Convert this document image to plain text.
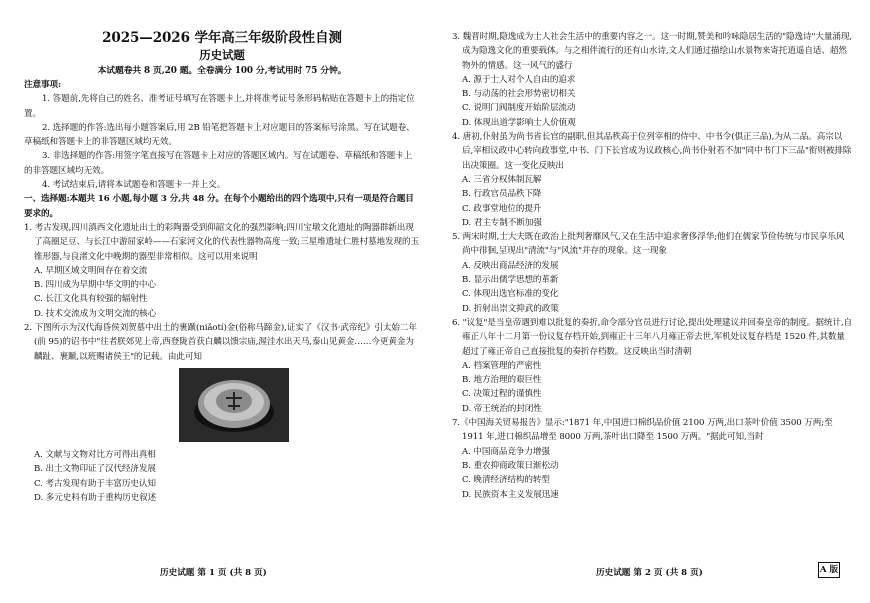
2025—2026 学年高三年级阶段性自测
历史试题
本试题卷共 8 页,20 题。全卷满分 100 分,考试用时 75 分钟。
注意事项:

1. 答题前,先将自己的姓名、准考证号填写在答题卡上,并将准考证号条形码粘贴在答题卡上的指定位置。

2. 选择题的作答:选出每小题答案后,用 2B 铅笔把答题卡上对应题目的答案标号涂黑。写在试题卷、草稿纸和答题卡上的非答题区域均无效。

3. 非选择题的作答:用签字笔直接写在答题卡上对应的答题区域内。写在试题卷、草稿纸和答题卡上的非答题区域均无效。

4. 考试结束后,请将本试题卷和答题卡一并上交。

一、选择题:本题共 16 小题,每小题 3 分,共 48 分。在每个小题给出的四个选项中,只有一项是符合题目要求的。

1. 考古发现,四川滇西文化遗址出土的彩陶器受到仰韶文化的强烈影响;四川宝墩文化遗址的陶器群新出现了高圈足豆、与长江中游屈家岭——石家河文化的代表性器物高度一致;三星堆遗址仁胜村墓地发现的玉锥形器,与良渚文化中晚期的器型非常相似。这可以用来说明

A. 早期区域文明间存在着交流
B. 四川成为早期中华文明的中心
C. 长江文化具有较强的辐射性
D. 技术交流成为文明交流的核心

2. 下图所示为汉代海昏侯刘贺墓中出土的裹蹏(niǎotí)金(俗称马蹄金),证实了《汉书·武帝纪》引太始二年(前 95)的诏书中"往者朕郊见上帝,西登陇首获白麟以馈宗庙,渥洼水出天马,泰山见黄金……今更黄金为麟趾、裹蹏,以班赐诸侯王"的记载。由此可知

A. 文献与文物对比方可得出真相
B. 出土文物印证了汉代经济发展
C. 考古发现有助于丰富历史认知
D. 多元史料有助于重构历史叙述

3. 魏晋时期,隐逸成为士人社会生活中的重要内容之一。这一时期,赞美和吟咏隐居生活的"隐逸诗"大量涌现,成为隐逸文化的重要载体。与之相伴流行的还有山水诗,文人们通过描绘山水景物来寄托逍遥自适、超然物外的情感。这一风气的盛行

A. 源于士人对个人自由的追求
B. 与动荡的社会形势密切相关
C. 说明门阀制度开始阶层流动
D. 体现出道学影响士人价值观

4. 唐初,仆射虽为尚书省长官的副职,但其品秩高于位列宰相的侍中、中书令(俱正三品),为从二品。高宗以后,宰相议政中心转向政事堂,中书、门下长官成为议政核心,尚书仆射若不加"同中书门下三品"衔则被排除出决策圈。这一变化反映出

A. 三省分权体制瓦解
B. 行政官员品秩下降
C. 政事堂地位的提升
D. 君主专制不断加强

5. 两宋时期,士大夫既在政治上批判奢靡风气,又在生活中追求奢侈浮华;他们在儒家节俭传统与市民享乐风尚中徘徊,呈现出"清流"与"风流"并存的现象。这一现象

A. 反映出商品经济的发展
B. 显示出儒学思想的革新
C. 体现出选官标准的变化
D. 折射出崇文抑武的政策

6. "议复"是当皇帝遇到难以批复的奏折,命令部分官员进行讨论,提出处理建议并回奏皇帝的制度。据统计,自雍正八年十二月第一份议复存档开始,到雍正十三年八月雍正帝去世,军机处议复存档是 1520 件,其数量超过了雍正帝自己直接批复的奏折存档数。这反映出当时清朝

A. 档案管理的严密性
B. 地方治理的艰巨性
C. 决策过程的谨慎性
D. 帝王统治的封闭性

7.《中国海关贸易报告》显示:"1871 年,中国进口棉织品价值 2100 万两,出口茶叶价值 3500 万两;至 1911 年,进口棉织品增至 8000 万两,茶叶出口降至 1500 万两。"据此可知,当时

A. 中国商品竞争力增强
B. 重农抑商政策日渐松动
C. 晚清经济结构的转型
D. 民族资本主义发展迅速
历史试题 第 1 页 (共 8 页)	历史试题 第 2 页 (共 8 页)	A 版
